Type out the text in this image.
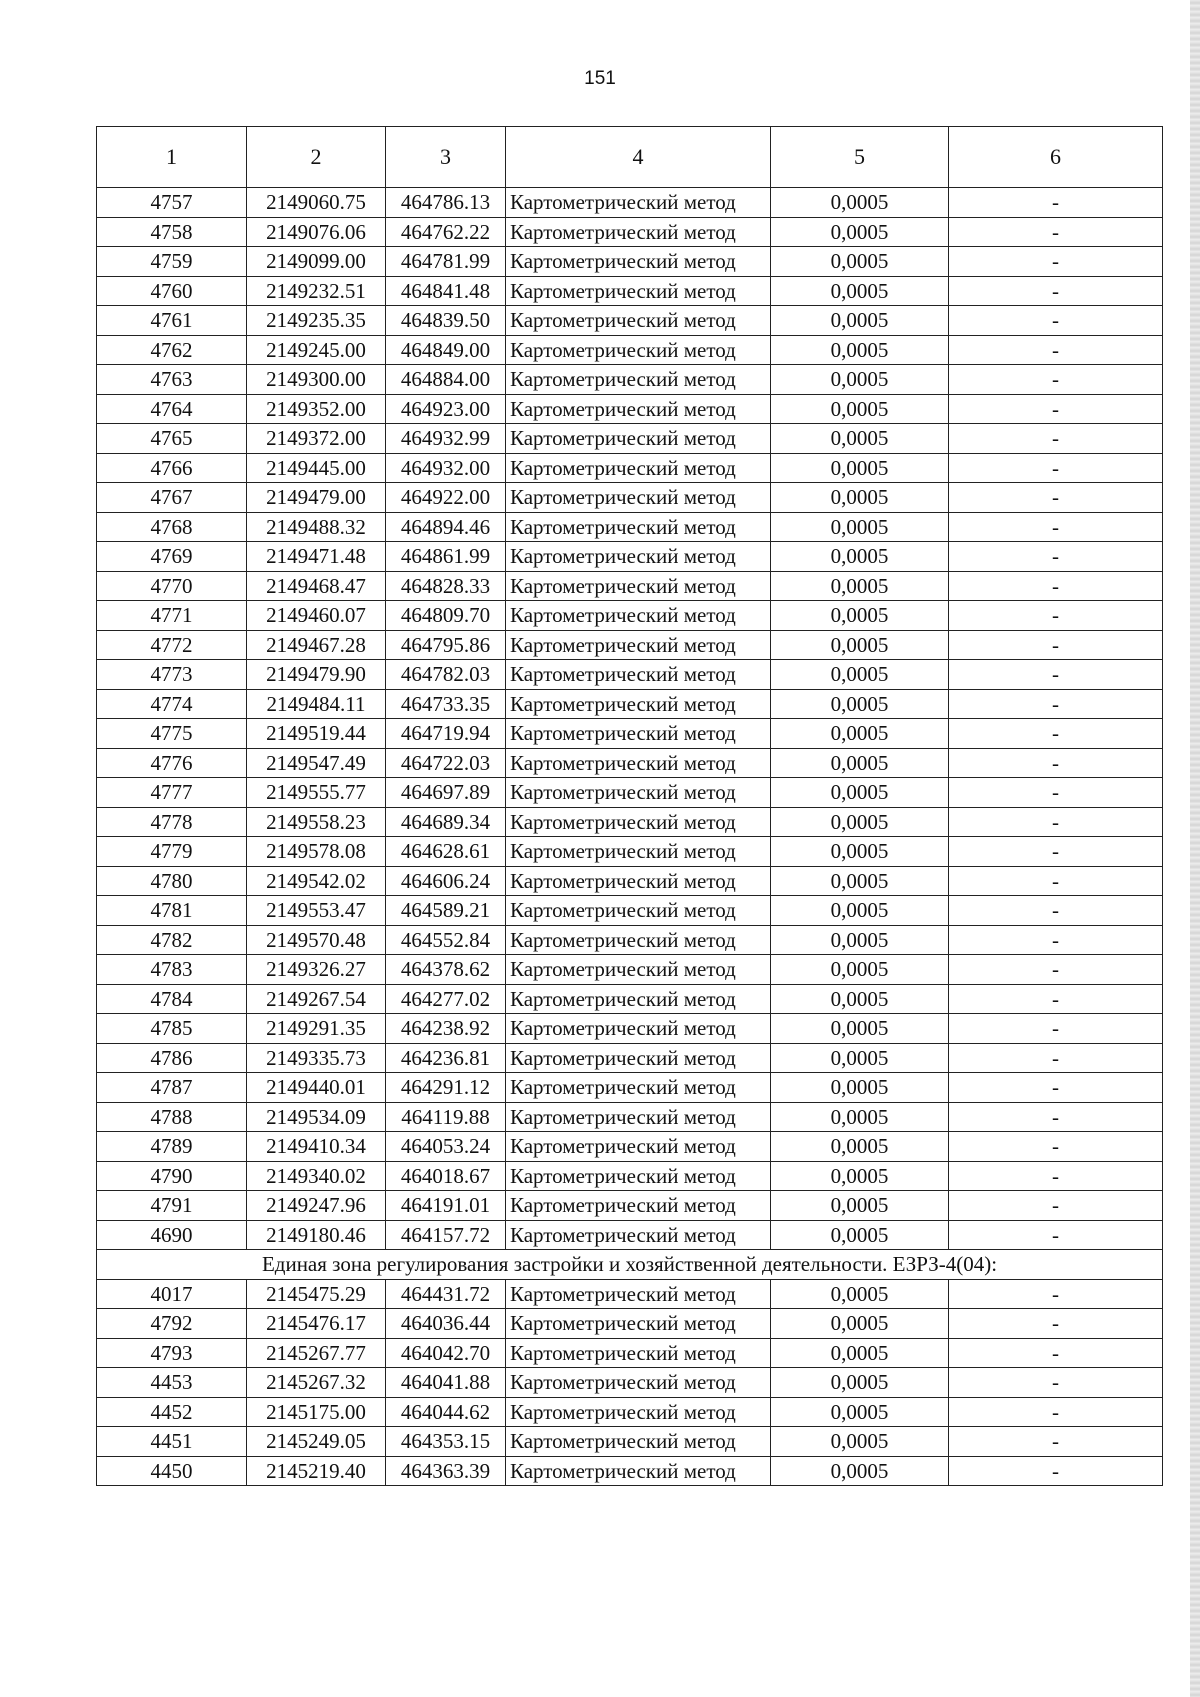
151
1	2	3	4	5	6
4757	2149060.75	464786.13	Картометрический метод	0,0005	-
4758	2149076.06	464762.22	Картометрический метод	0,0005	-
4759	2149099.00	464781.99	Картометрический метод	0,0005	-
4760	2149232.51	464841.48	Картометрический метод	0,0005	-
4761	2149235.35	464839.50	Картометрический метод	0,0005	-
4762	2149245.00	464849.00	Картометрический метод	0,0005	-
4763	2149300.00	464884.00	Картометрический метод	0,0005	-
4764	2149352.00	464923.00	Картометрический метод	0,0005	-
4765	2149372.00	464932.99	Картометрический метод	0,0005	-
4766	2149445.00	464932.00	Картометрический метод	0,0005	-
4767	2149479.00	464922.00	Картометрический метод	0,0005	-
4768	2149488.32	464894.46	Картометрический метод	0,0005	-
4769	2149471.48	464861.99	Картометрический метод	0,0005	-
4770	2149468.47	464828.33	Картометрический метод	0,0005	-
4771	2149460.07	464809.70	Картометрический метод	0,0005	-
4772	2149467.28	464795.86	Картометрический метод	0,0005	-
4773	2149479.90	464782.03	Картометрический метод	0,0005	-
4774	2149484.11	464733.35	Картометрический метод	0,0005	-
4775	2149519.44	464719.94	Картометрический метод	0,0005	-
4776	2149547.49	464722.03	Картометрический метод	0,0005	-
4777	2149555.77	464697.89	Картометрический метод	0,0005	-
4778	2149558.23	464689.34	Картометрический метод	0,0005	-
4779	2149578.08	464628.61	Картометрический метод	0,0005	-
4780	2149542.02	464606.24	Картометрический метод	0,0005	-
4781	2149553.47	464589.21	Картометрический метод	0,0005	-
4782	2149570.48	464552.84	Картометрический метод	0,0005	-
4783	2149326.27	464378.62	Картометрический метод	0,0005	-
4784	2149267.54	464277.02	Картометрический метод	0,0005	-
4785	2149291.35	464238.92	Картометрический метод	0,0005	-
4786	2149335.73	464236.81	Картометрический метод	0,0005	-
4787	2149440.01	464291.12	Картометрический метод	0,0005	-
4788	2149534.09	464119.88	Картометрический метод	0,0005	-
4789	2149410.34	464053.24	Картометрический метод	0,0005	-
4790	2149340.02	464018.67	Картометрический метод	0,0005	-
4791	2149247.96	464191.01	Картометрический метод	0,0005	-
4690	2149180.46	464157.72	Картометрический метод	0,0005	-
Единая зона регулирования застройки и хозяйственной деятельности. ЕЗРЗ-4(04):					
4017	2145475.29	464431.72	Картометрический метод	0,0005	-
4792	2145476.17	464036.44	Картометрический метод	0,0005	-
4793	2145267.77	464042.70	Картометрический метод	0,0005	-
4453	2145267.32	464041.88	Картометрический метод	0,0005	-
4452	2145175.00	464044.62	Картометрический метод	0,0005	-
4451	2145249.05	464353.15	Картометрический метод	0,0005	-
4450	2145219.40	464363.39	Картометрический метод	0,0005	-
